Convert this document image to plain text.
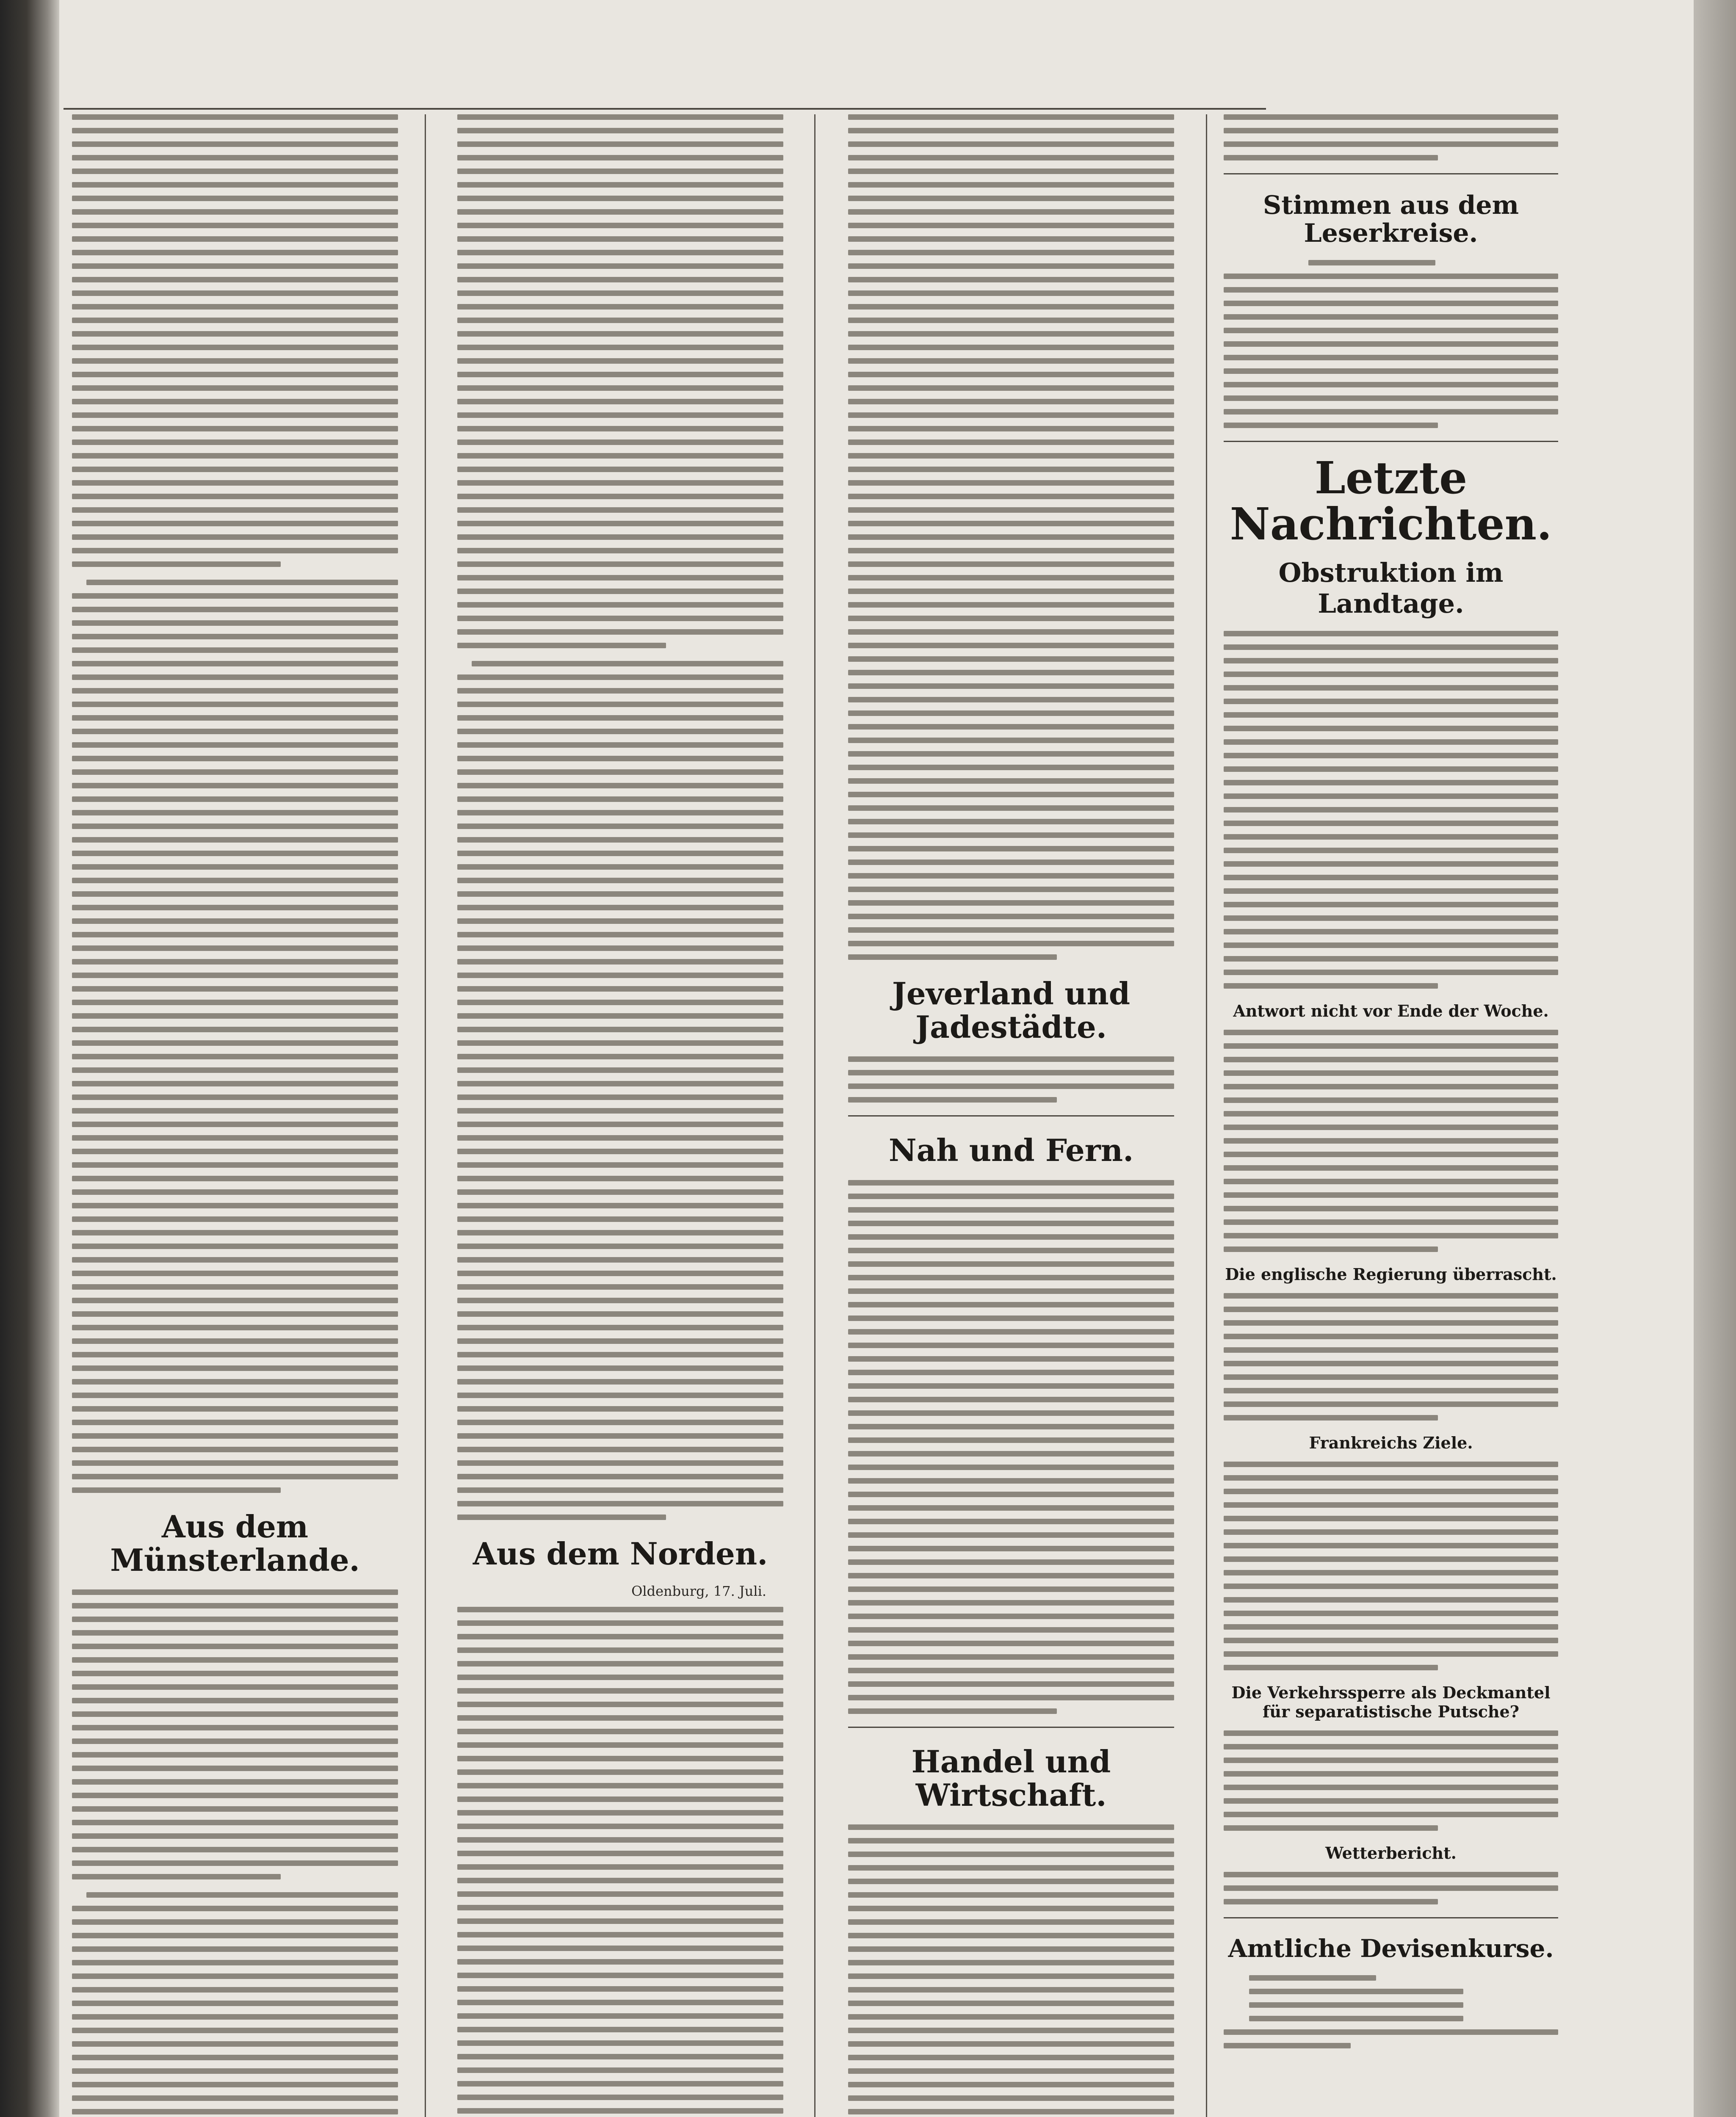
Aus dem Münsterlande.	Aus dem Norden.
Oldenburg, 17. Juli.
Jeverland und Jadestädte.
Nah und Fern.
Handel und Wirtschaft.
Stimmen aus dem Leserkreise.
Letzte Nachrichten.
Obstruktion im Landtage.
Antwort nicht vor Ende der Woche.
Die englische Regierung überrascht.
Frankreichs Ziele.
Die Verkehrssperre als Deckmantel für separatistische Putsche?
Wetterbericht.
Amtliche Devisenkurse.
